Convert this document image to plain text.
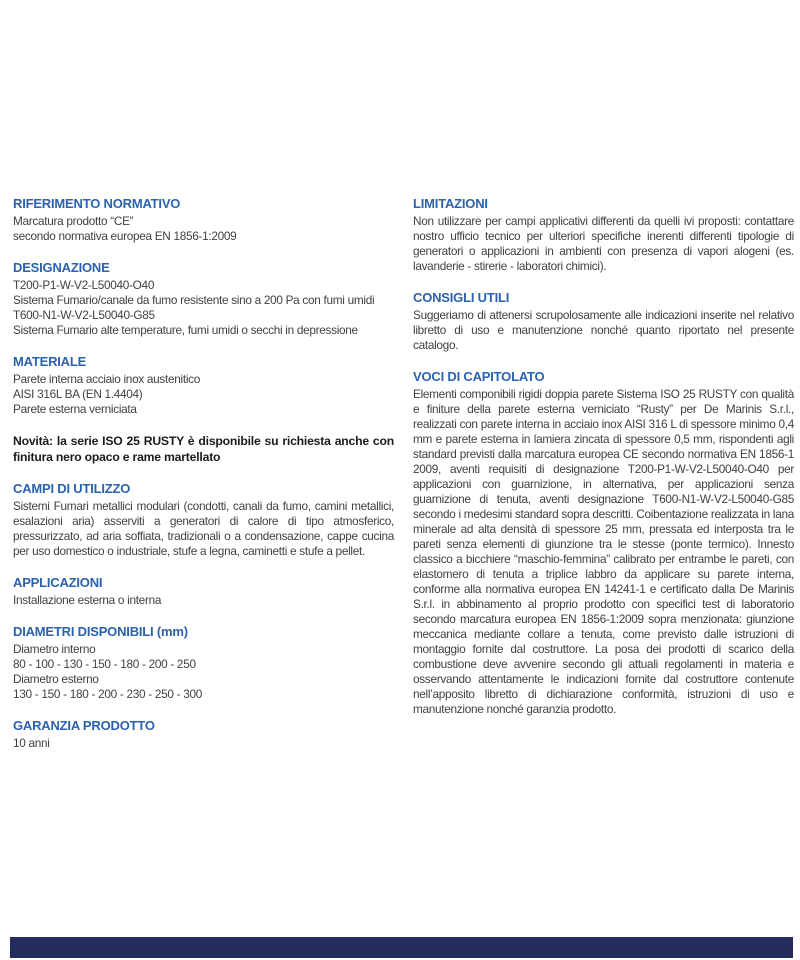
RIFERIMENTO NORMATIVO
Marcatura prodotto “CE”
secondo normativa europea EN 1856-1:2009
DESIGNAZIONE
T200-P1-W-V2-L50040-O40
Sistema Fumario/canale da fumo resistente sino a 200 Pa con fumi umidi
T600-N1-W-V2-L50040-G85
Sistema Fumario alte temperature, fumi umidi o secchi in depressione
MATERIALE
Parete interna acciaio inox austenitico
AISI 316L BA (EN 1.4404)
Parete esterna verniciata

Novità: la serie ISO 25 RUSTY è disponibile su richiesta anche con finitura nero opaco e rame martellato

CAMPI DI UTILIZZO

Sistemi Fumari metallici modulari (condotti, canali da fumo, camini metallici, esalazioni aria) asserviti a generatori di calore di tipo atmosferico, pressurizzato, ad aria soffiata, tradizionali o a condensazione, cappe cucina per uso domestico o industriale, stufe a legna, caminetti e stufe a pellet.

APPLICAZIONI
Installazione esterna o interna
DIAMETRI DISPONIBILI (mm)
Diametro interno
80 - 100 - 130 - 150 - 180 - 200 - 250
Diametro esterno
130 - 150 - 180 - 200 - 230 - 250 - 300
GARANZIA PRODOTTO
10 anni
LIMITAZIONI

Non utilizzare per campi applicativi differenti da quelli ivi proposti: contattare nostro ufficio tecnico per ulteriori specifiche inerenti differenti tipologie di generatori o applicazioni in ambienti con presenza di vapori alogeni (es. lavanderie - stirerie - laboratori chimici).

CONSIGLI UTILI

Suggeriamo di attenersi scrupolosamente alle indicazioni inserite nel relativo libretto di uso e manutenzione nonché quanto riportato nel presente catalogo.

VOCI DI CAPITOLATO

Elementi componibili rigidi doppia parete Sistema ISO 25 RUSTY con qualità e finiture della parete esterna verniciato “Rusty” per De Marinis S.r.l., realizzati con parete interna in acciaio inox AISI 316 L di spessore minimo 0,4 mm e parete esterna in lamiera zincata di spessore 0,5 mm, rispondenti agli standard previsti dalla marcatura europea CE secondo normativa EN 1856-1 2009, aventi requisiti di designazione T200-P1-W-V2-L50040-O40 per applicazioni con guarnizione, in alternativa, per applicazioni senza guarnizione di tenuta, aventi designazione T600-N1-W-V2-L50040-G85 secondo i medesimi standard sopra descritti. Coibentazione realizzata in lana minerale ad alta densità di spessore 25 mm, pressata ed interposta tra le pareti senza elementi di giunzione tra le stesse (ponte termico). Innesto classico a bicchiere “maschio-femmina” calibrato per entrambe le pareti, con elastomero di tenuta a triplice labbro da applicare su parete interna, conforme alla normativa europea EN 14241-1 e certificato dalla De Marinis S.r.l. in abbinamento al proprio prodotto con specifici test di laboratorio secondo marcatura europea EN 1856-1:2009 sopra menzionata: giunzione meccanica mediante collare a tenuta, come previsto dalle istruzioni di montaggio fornite dal costruttore. La posa dei prodotti di scarico della combustione deve avvenire secondo gli attuali regolamenti in materia e osservando attentamente le indicazioni fornite dal costruttore contenute nell’apposito libretto di dichiarazione conformità, istruzioni di uso e manutenzione nonché garanzia prodotto.
